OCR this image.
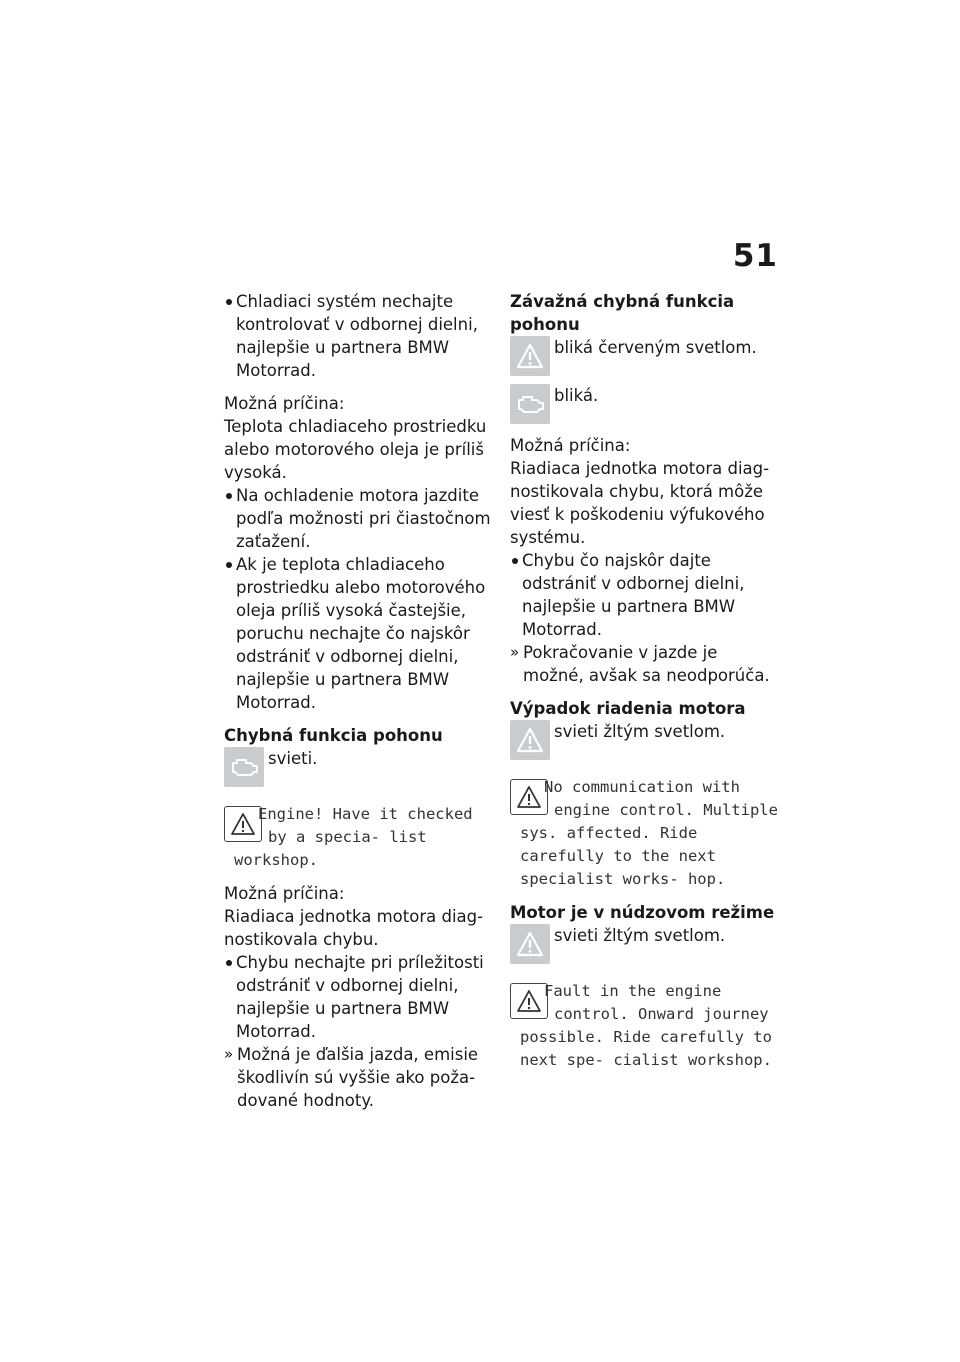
51
Chladiaci systém nechajte kontrolovať v odbornej dielni, najlepšie u partnera BMW Motorrad.
Možná príčina:
Teplota chladiaceho prostriedku alebo motorového oleja je príliš vysoká.
Na ochladenie motora jazdite podľa možnosti pri čiastočnom zaťažení.
Ak je teplota chladiaceho prostriedku alebo motorového oleja príliš vysoká častejšie, poruchu nechajte čo najskôr odstrániť v odbornej dielni, najlepšie u partnera BMW Motorrad.
Chybná funkcia pohonu
svieti.
Engine! Have it checked by a specia- list workshop.
Možná príčina:
Riadiaca jednotka motora diagnostikovala chybu.
Chybu nechajte pri príležitosti odstrániť v odbornej dielni, najlepšie u partnera BMW Motorrad.
» Možná je ďalšia jazda, emisie škodlivín sú vyššie ako požadované hodnoty.
Závažná chybná funkcia pohonu
bliká červeným svetlom.
bliká.
Možná príčina:
Riadiaca jednotka motora diagnostikovala chybu, ktorá môže viesť k poškodeniu výfukového systému.
Chybu čo najskôr dajte odstrániť v odbornej dielni, najlepšie u partnera BMW Motorrad.
» Pokračovanie v jazde je možné, avšak sa neodporúča.
Výpadok riadenia motora
svieti žltým svetlom.
No communication with engine control. Multiple sys. affected. Ride carefully to the next specialist works- hop.
Motor je v núdzovom režime
svieti žltým svetlom.
Fault in the engine control. Onward journey possible. Ride carefully to next spe- cialist workshop.
